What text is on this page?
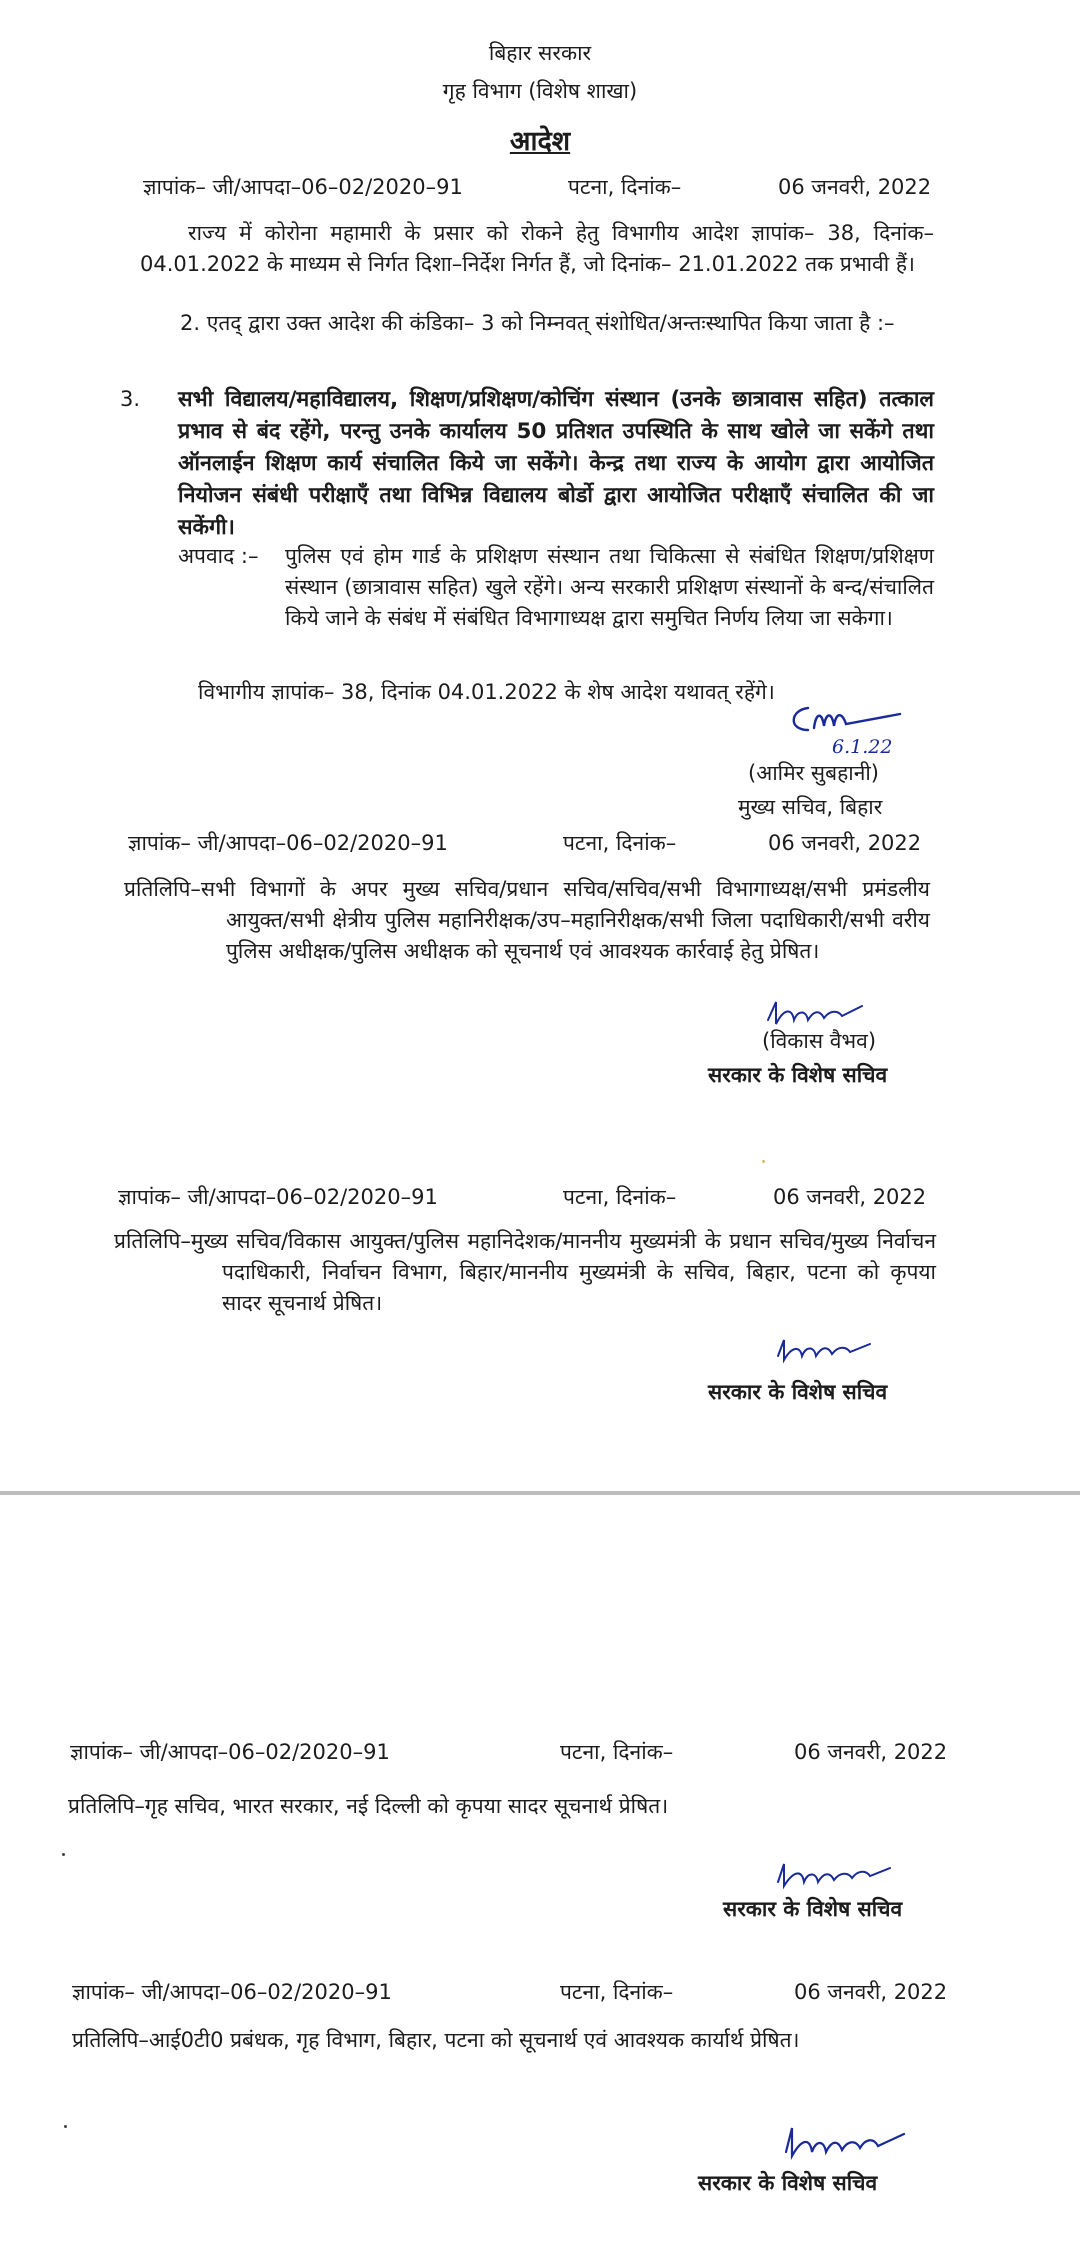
बिहार सरकार
गृह विभाग (विशेष शाखा)
आदेश
ज्ञापांक– जी/आपदा–06–02/2020–91	पटना, दिनांक–	06 जनवरी, 2022
राज्य में कोरोना महामारी के प्रसार को रोकने हेतु विभागीय आदेश ज्ञापांक– 38, दिनांक–04.01.2022 के माध्यम से निर्गत दिशा–निर्देश निर्गत हैं, जो दिनांक– 21.01.2022 तक प्रभावी हैं।
2. एतद् द्वारा उक्त आदेश की कंडिका– 3 को निम्नवत् संशोधित/अन्तःस्थापित किया जाता है :–
3. सभी विद्यालय/महाविद्यालय, शिक्षण/प्रशिक्षण/कोचिंग संस्थान (उनके छात्रावास सहित) तत्काल प्रभाव से बंद रहेंगे, परन्तु उनके कार्यालय 50 प्रतिशत उपस्थिति के साथ खोले जा सकेंगे तथा ऑनलाईन शिक्षण कार्य संचालित किये जा सकेंगे। केन्द्र तथा राज्य के आयोग द्वारा आयोजित नियोजन संबंधी परीक्षाएँ तथा विभिन्न विद्यालय बोर्डो द्वारा आयोजित परीक्षाएँ संचालित की जा सकेंगी।
अपवाद :– पुलिस एवं होम गार्ड के प्रशिक्षण संस्थान तथा चिकित्सा से संबंधित शिक्षण/प्रशिक्षण संस्थान (छात्रावास सहित) खुले रहेंगे। अन्य सरकारी प्रशिक्षण संस्थानों के बन्द/संचालित किये जाने के संबंध में संबंधित विभागाध्यक्ष द्वारा समुचित निर्णय लिया जा सकेगा।
विभागीय ज्ञापांक– 38, दिनांक 04.01.2022 के शेष आदेश यथावत् रहेंगे।
6.1.22
(आमिर सुबहानी)
मुख्य सचिव, बिहार
ज्ञापांक– जी/आपदा–06–02/2020–91	पटना, दिनांक–	06 जनवरी, 2022
प्रतिलिपि–सभी विभागों के अपर मुख्य सचिव/प्रधान सचिव/सचिव/सभी विभागाध्यक्ष/सभी प्रमंडलीय आयुक्त/सभी क्षेत्रीय पुलिस महानिरीक्षक/उप–महानिरीक्षक/सभी जिला पदाधिकारी/सभी वरीय पुलिस अधीक्षक/पुलिस अधीक्षक को सूचनार्थ एवं आवश्यक कार्रवाई हेतु प्रेषित।
(विकास वैभव)
सरकार के विशेष सचिव
ज्ञापांक– जी/आपदा–06–02/2020–91	पटना, दिनांक–	06 जनवरी, 2022
प्रतिलिपि–मुख्य सचिव/विकास आयुक्त/पुलिस महानिदेशक/माननीय मुख्यमंत्री के प्रधान सचिव/मुख्य निर्वाचन पदाधिकारी, निर्वाचन विभाग, बिहार/माननीय मुख्यमंत्री के सचिव, बिहार, पटना को कृपया सादर सूचनार्थ प्रेषित।
सरकार के विशेष सचिव
ज्ञापांक– जी/आपदा–06–02/2020–91	पटना, दिनांक–	06 जनवरी, 2022
प्रतिलिपि–गृह सचिव, भारत सरकार, नई दिल्ली को कृपया सादर सूचनार्थ प्रेषित।
सरकार के विशेष सचिव
ज्ञापांक– जी/आपदा–06–02/2020–91	पटना, दिनांक–	06 जनवरी, 2022
प्रतिलिपि–आई0टी0 प्रबंधक, गृह विभाग, बिहार, पटना को सूचनार्थ एवं आवश्यक कार्यार्थ प्रेषित।
सरकार के विशेष सचिव
